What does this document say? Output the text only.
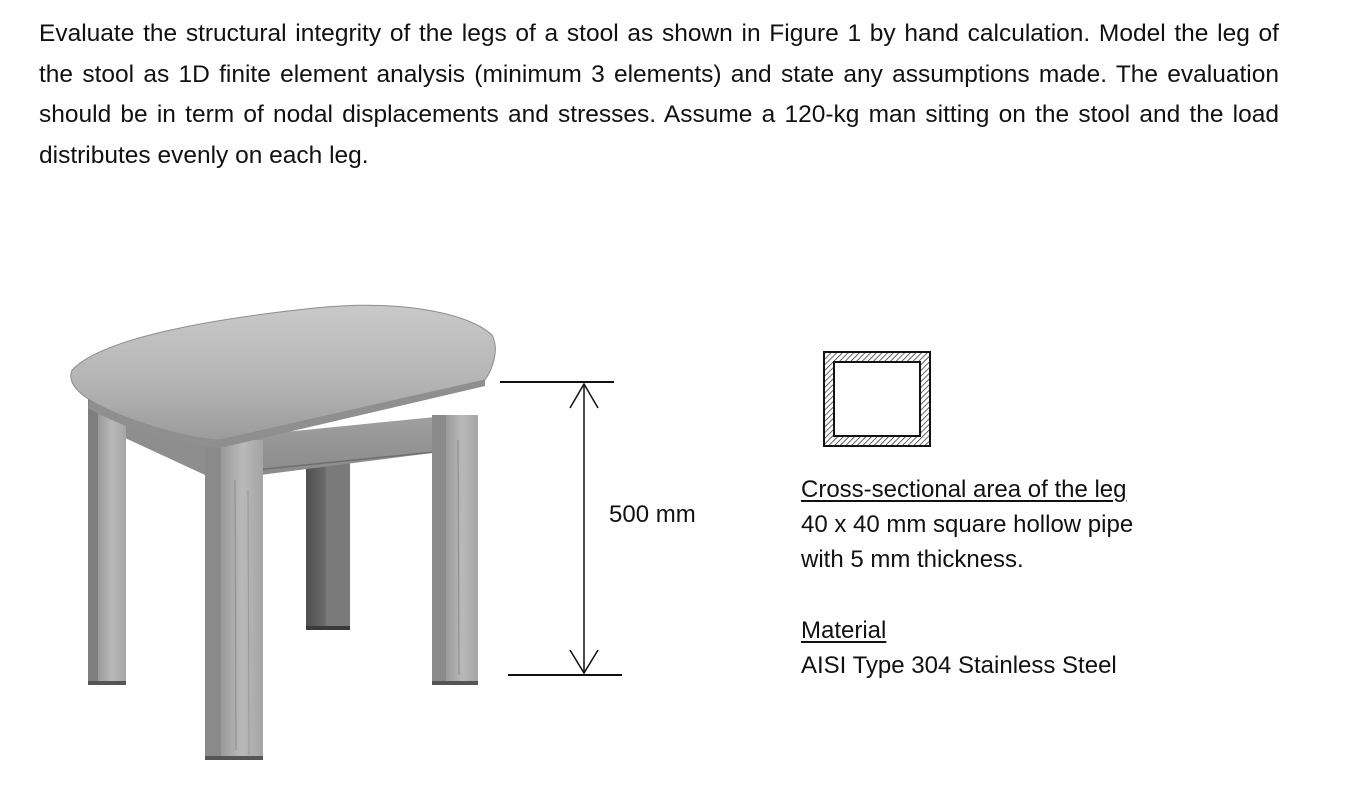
Evaluate the structural integrity of the legs of a stool as shown in Figure 1 by hand calculation. Model the leg of the stool as 1D finite element analysis (minimum 3 elements) and state any assumptions made. The evaluation should be in term of nodal displacements and stresses. Assume a 120-kg man sitting on the stool and the load distributes evenly on each leg.

500 mm
Cross-sectional area of the leg
40 x 40 mm square hollow pipe
with 5 mm thickness.
Material
AISI Type 304 Stainless Steel
